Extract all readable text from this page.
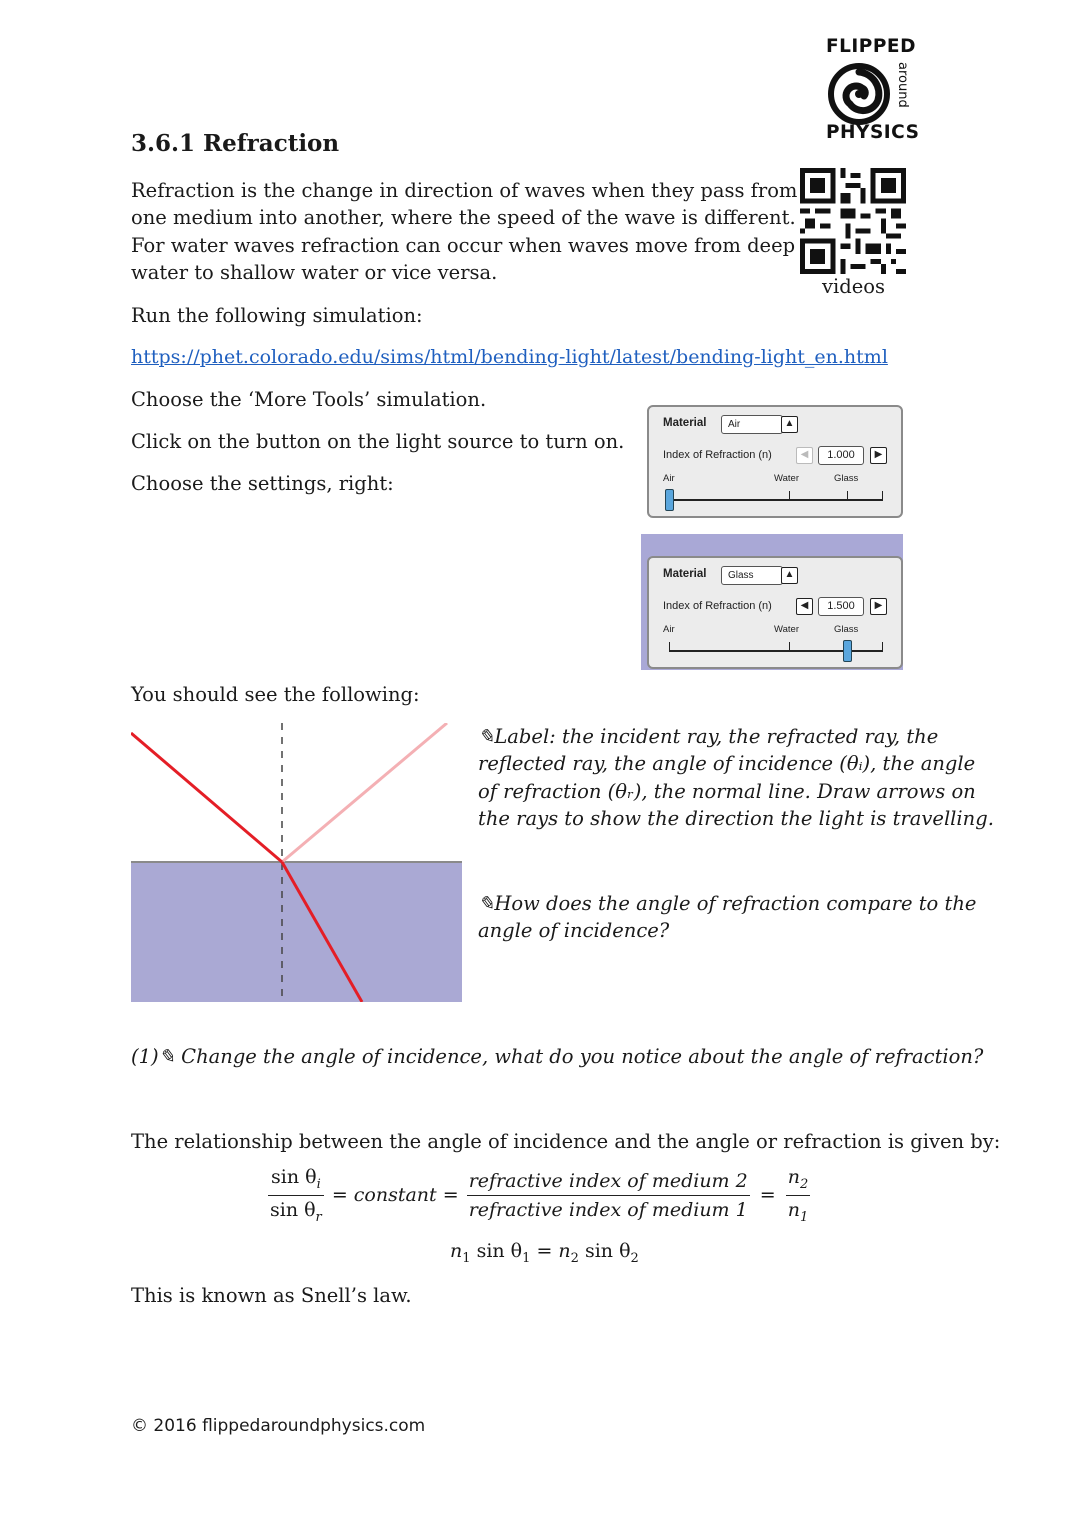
FLIPPED
around
PHYSICS
videos
3.6.1 Refraction
Refraction is the change in direction of waves when they pass from
one medium into another, where the speed of the wave is different.
For water waves refraction can occur when waves move from deep
water to shallow water or vice versa.
Run the following simulation:
https://phet.colorado.edu/sims/html/bending-light/latest/bending-light_en.html
Choose the ‘More Tools’ simulation.
Click on the button on the light source to turn on.
Choose the settings, right:
Material	Air	▲
Index of Refraction (n)	◀	1.000	▶
Air	Water	Glass
Material	Glass	▲
Index of Refraction (n)	◀	1.500	▶
Air	Water	Glass
You should see the following:
✎Label: the incident ray, the refracted ray, the
reflected ray, the angle of incidence (θᵢ), the angle
of refraction (θᵣ), the normal line. Draw arrows on
the rays to show the direction the light is travelling.
✎How does the angle of refraction compare to the
angle of incidence?
(1)✎ Change the angle of incidence, what do you notice about the angle of refraction?
The relationship between the angle of incidence and the angle or refraction is given by:
$\frac{\sin \theta_i}{\sin \theta_r}$ = constant = $\frac{\text{refractive index of medium 2}}{\text{refractive index of medium 1}} = \frac{n_2}{n_1}$
$n_1$ $\sin \theta_1 = n_2$ $\sin \theta_2$
This is known as Snell’s law.
© 2016 flippedaroundphysics.com
